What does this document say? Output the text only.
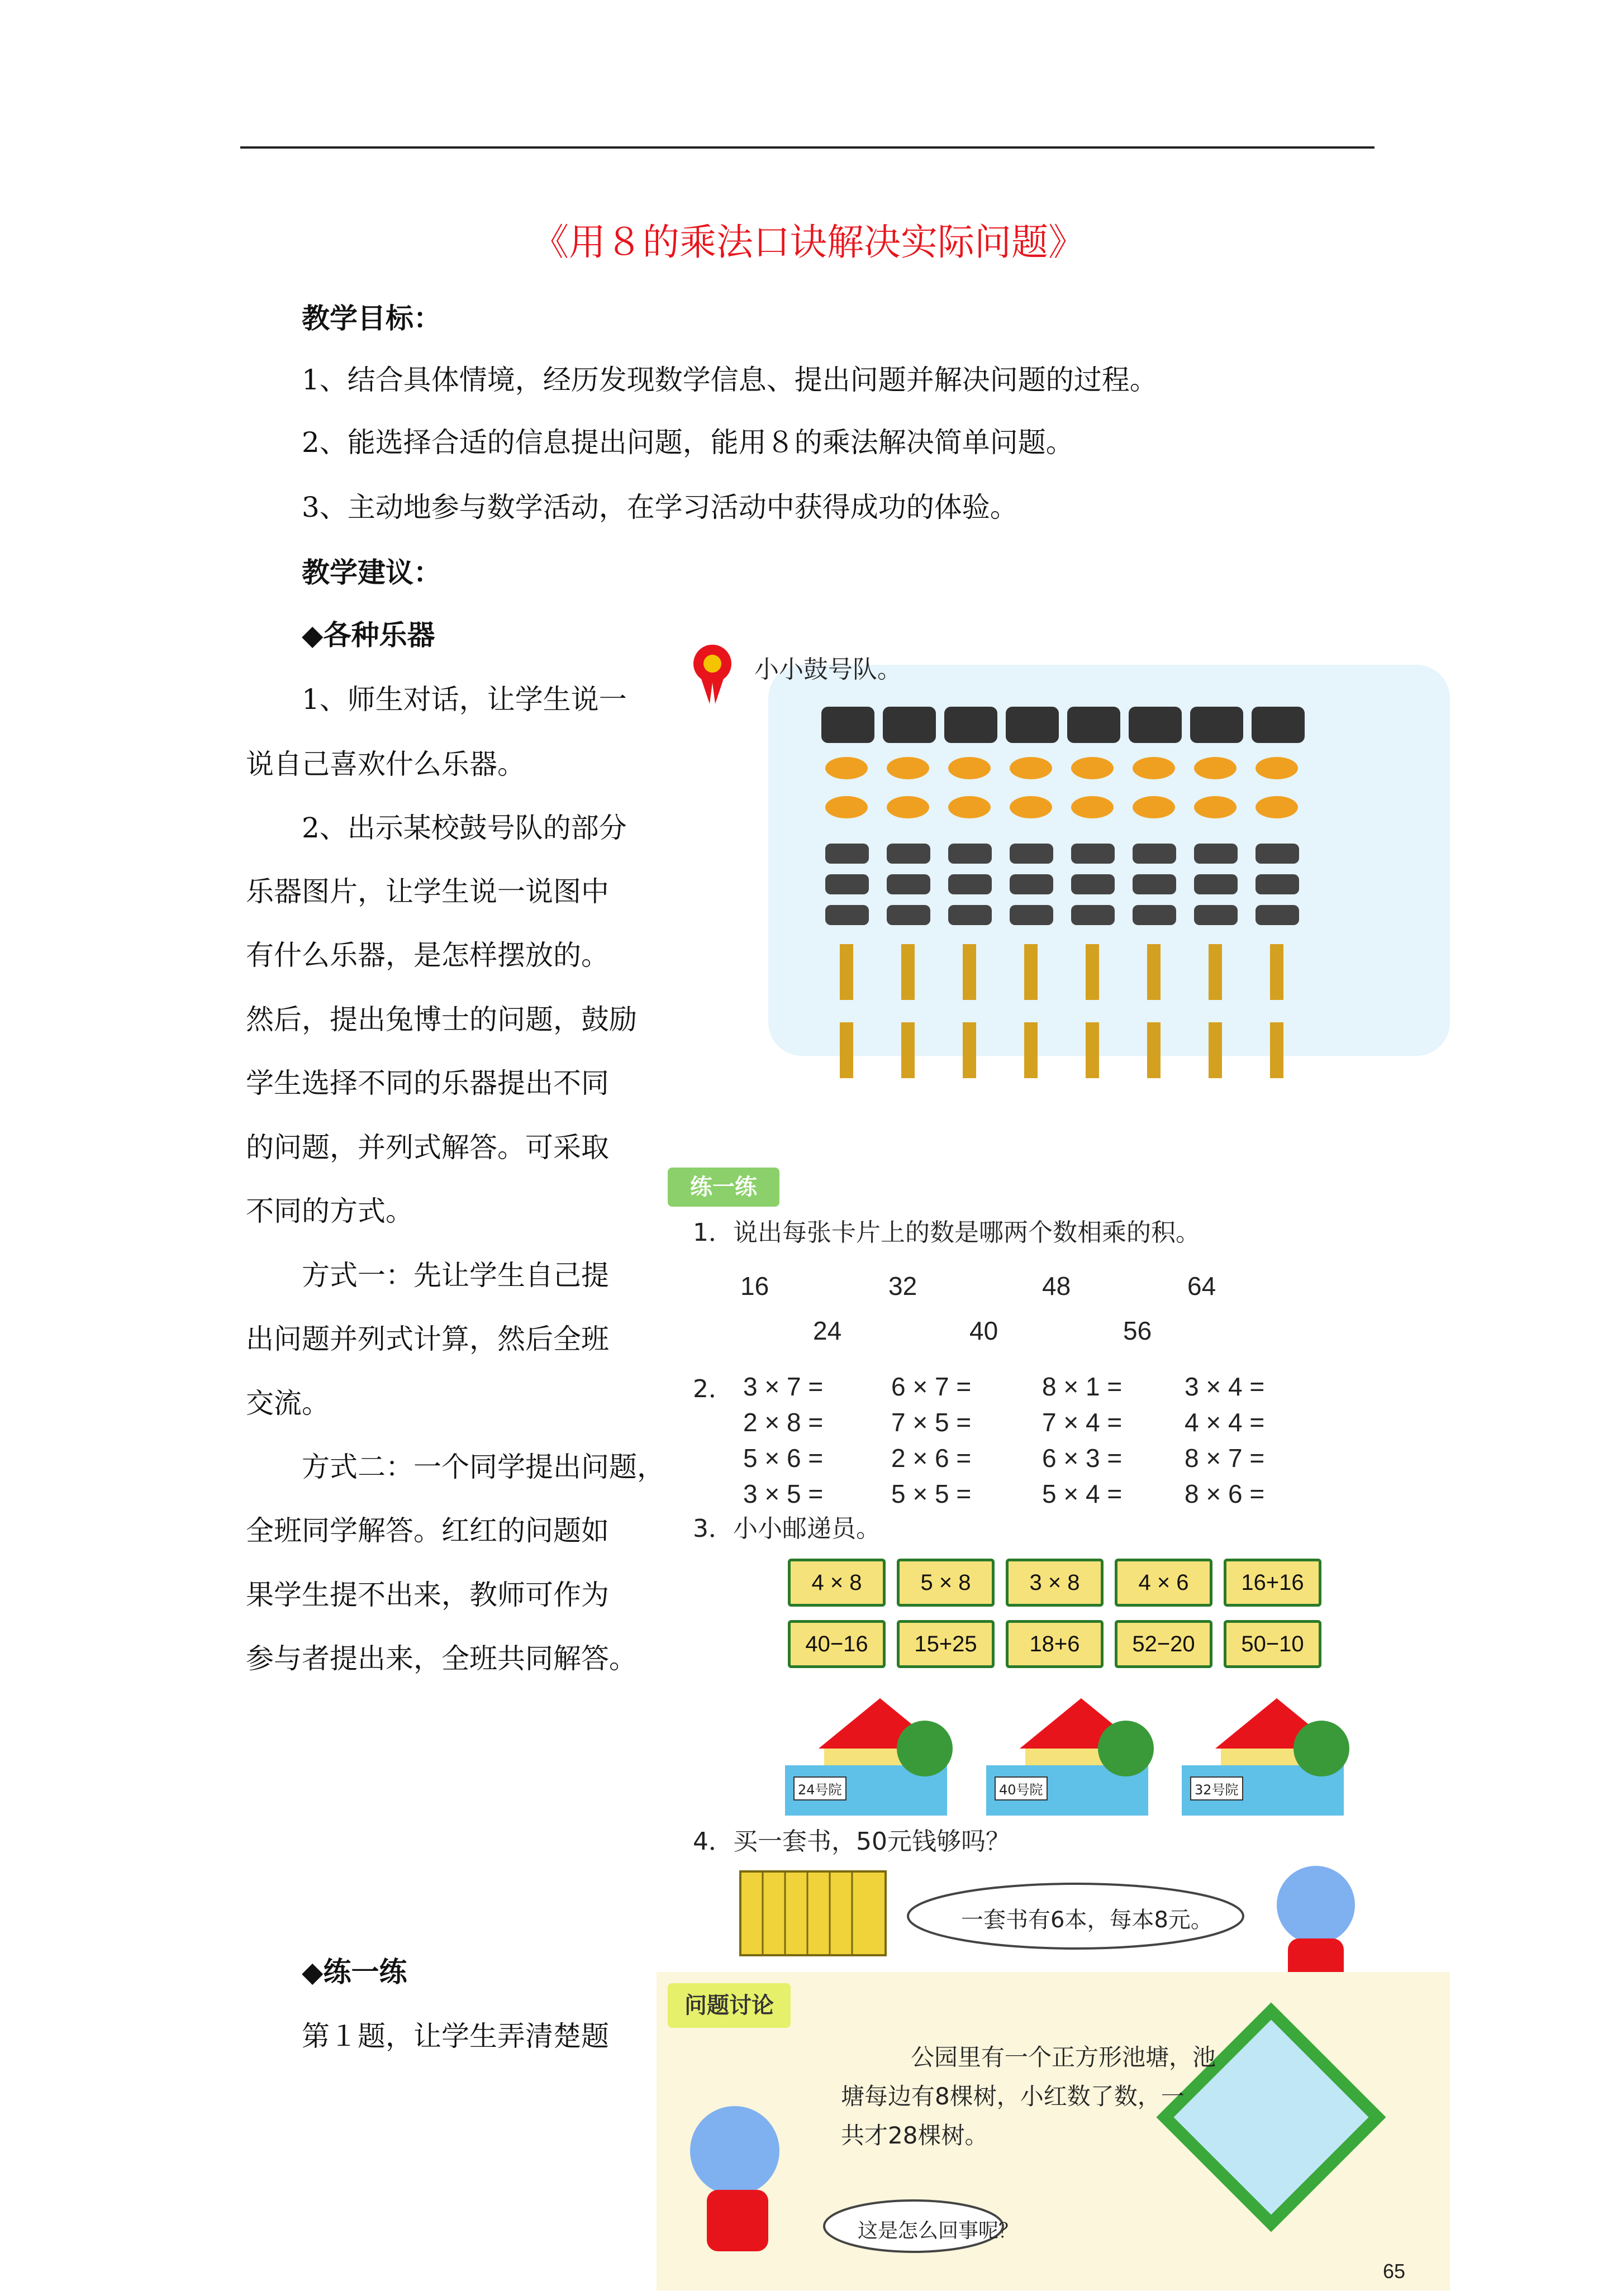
《用８的乘法口诀解决实际问题》
教学目标：
1、结合具体情境，经历发现数学信息、提出问题并解决问题的过程。
2、能选择合适的信息提出问题，能用８的乘法解决简单问题。
3、主动地参与数学活动，在学习活动中获得成功的体验。
教学建议：
◆各种乐器
1、师生对话，让学生说一
说自己喜欢什么乐器。
2、出示某校鼓号队的部分
乐器图片，让学生说一说图中
有什么乐器，是怎样摆放的。
然后，提出兔博士的问题，鼓励
学生选择不同的乐器提出不同
的问题，并列式解答。可采取
不同的方式。
方式一：先让学生自己提
出问题并列式计算，然后全班
交流。
方式二：一个同学提出问题，
全班同学解答。红红的问题如
果学生提不出来，教师可作为
参与者提出来，全班共同解答。
◆练一练
第１题，让学生弄清楚题
小小鼓号队。
练一练
1．说出每张卡片上的数是哪两个数相乘的积。
16	32	48	64
24	40	56
2． 3 × 7 =	6 × 7 =	8 × 1 = 3 × 4 =
2 × 8 =	7 × 5 =	7 × 4 = 4 × 4 =
5 × 6 =	2 × 6 =	6 × 3 = 8 × 7 =
3 × 5 =	5 × 5 =	5 × 4 = 8 × 6 =
3．小小邮递员。
4 × 8	5 × 8	3 × 8	4 × 6	16+16
40−16	15+25	18+6	52−20	50−10
24号院	40号院	32号院
4．买一套书，50元钱够吗？
一套书有6本，每本8元。
问题讨论
公园里有一个正方形池塘，池
塘每边有8棵树，小红数了数，一
共才28棵树。
这是怎么回事呢？
65
